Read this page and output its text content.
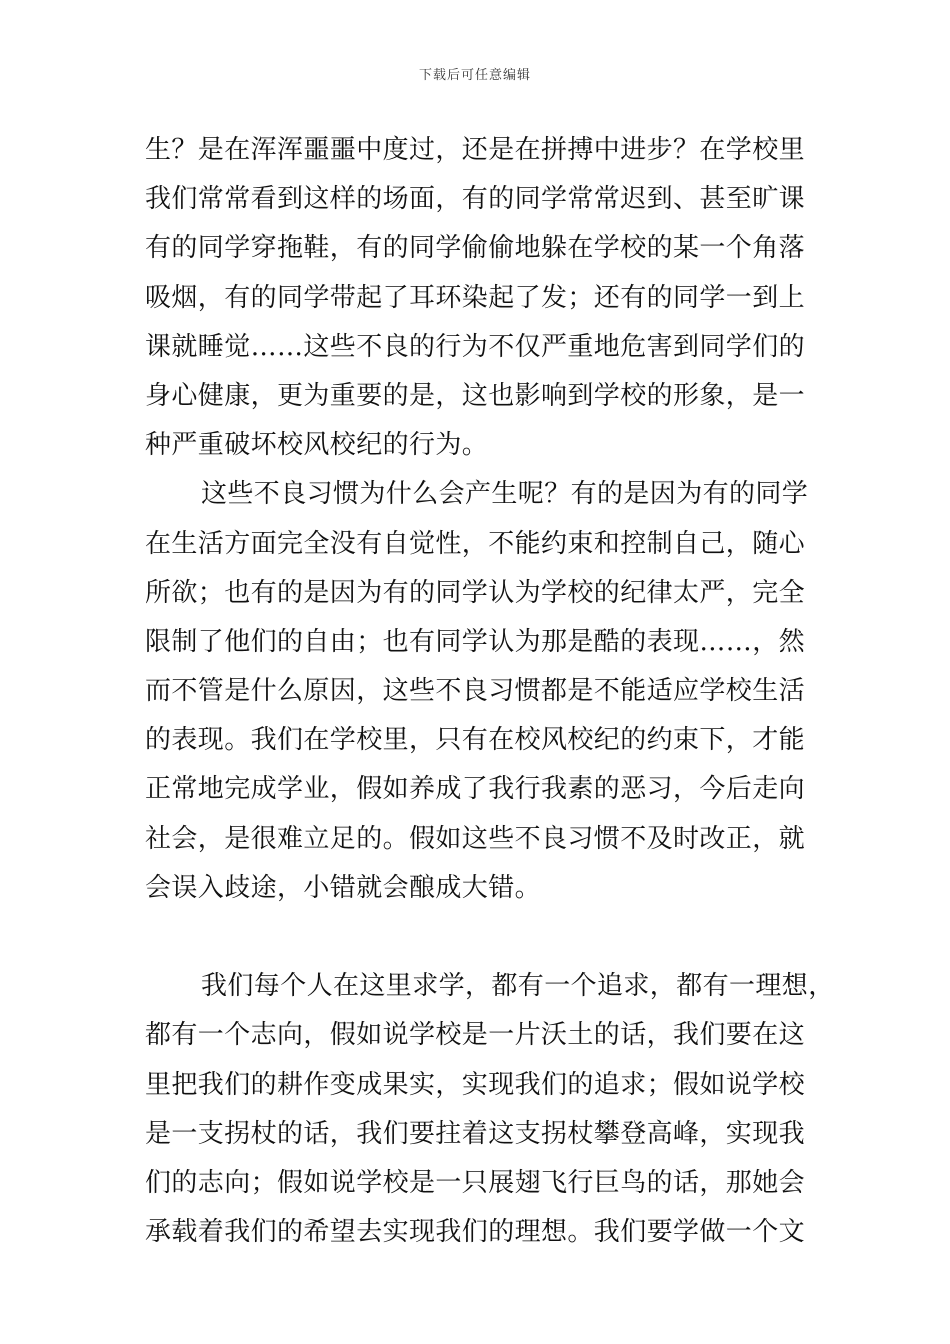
下载后可任意编辑
生？是在浑浑噩噩中度过，还是在拼搏中进步？在学校里
我们常常看到这样的场面，有的同学常常迟到、甚至旷课
有的同学穿拖鞋，有的同学偷偷地躲在学校的某一个角落
吸烟，有的同学带起了耳环染起了发；还有的同学一到上
课就睡觉……这些不良的行为不仅严重地危害到同学们的
身心健康，更为重要的是，这也影响到学校的形象，是一
种严重破坏校风校纪的行为。
这些不良习惯为什么会产生呢？有的是因为有的同学
在生活方面完全没有自觉性，不能约束和控制自己，随心
所欲；也有的是因为有的同学认为学校的纪律太严，完全
限制了他们的自由；也有同学认为那是酷的表现……，然
而不管是什么原因，这些不良习惯都是不能适应学校生活
的表现。我们在学校里，只有在校风校纪的约束下，才能
正常地完成学业，假如养成了我行我素的恶习，今后走向
社会，是很难立足的。假如这些不良习惯不及时改正，就
会误入歧途，小错就会酿成大错。
我们每个人在这里求学，都有一个追求，都有一理想，
都有一个志向，假如说学校是一片沃土的话，我们要在这
里把我们的耕作变成果实，实现我们的追求；假如说学校
是一支拐杖的话，我们要拄着这支拐杖攀登高峰，实现我
们的志向；假如说学校是一只展翅飞行巨鸟的话，那她会
承载着我们的希望去实现我们的理想。我们要学做一个文
